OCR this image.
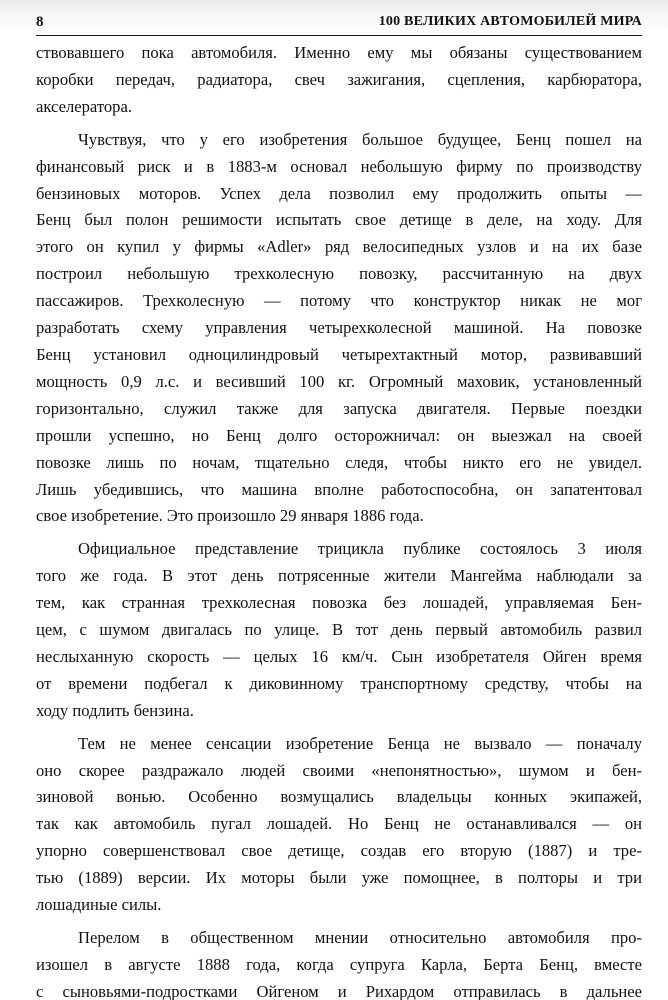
8	100 ВЕЛИКИХ АВТОМОБИЛЕЙ МИРА

ствовавшего пока автомобиля. Именно ему мы обязаны существованием
коробки передач, радиатора, свеч зажигания, сцепления, карбюратора,
акселератора.

Чувствуя, что у его изобретения большое будущее, Бенц пошел на
финансовый риск и в 1883-м основал небольшую фирму по производству
бензиновых моторов. Успех дела позволил ему продолжить опыты —
Бенц был полон решимости испытать свое детище в деле, на ходу. Для
этого он купил у фирмы «Adler» ряд велосипедных узлов и на их базе
построил небольшую трехколесную повозку, рассчитанную на двух
пассажиров. Трехколесную — потому что конструктор никак не мог
разработать схему управления четырехколесной машиной. На повозке
Бенц установил одноцилиндровый четырехтактный мотор, развивавший
мощность 0,9 л.с. и весивший 100 кг. Огромный маховик, установленный
горизонтально, служил также для запуска двигателя. Первые поездки
прошли успешно, но Бенц долго осторожничал: он выезжал на своей
повозке лишь по ночам, тщательно следя, чтобы никто его не увидел.
Лишь убедившись, что машина вполне работоспособна, он запатентовал
свое изобретение. Это произошло 29 января 1886 года.

Официальное представление трицикла публике состоялось 3 июля
того же года. В этот день потрясенные жители Мангейма наблюдали за
тем, как странная трехколесная повозка без лошадей, управляемая Бен-
цем, с шумом двигалась по улице. В тот день первый автомобиль развил
неслыханную скорость — целых 16 км/ч. Сын изобретателя Ойген время
от времени подбегал к диковинному транспортному средству, чтобы на
ходу подлить бензина.

Тем не менее сенсации изобретение Бенца не вызвало — поначалу
оно скорее раздражало людей своими «непонятностью», шумом и бен-
зиновой вонью. Особенно возмущались владельцы конных экипажей,
так как автомобиль пугал лошадей. Но Бенц не останавливался — он
упорно совершенствовал свое детище, создав его вторую (1887) и тре-
тью (1889) версии. Их моторы были уже помощнее, в полторы и три
лошадиные силы.

Перелом в общественном мнении относительно автомобиля про-
изошел в августе 1888 года, когда супруга Карла, Берта Бенц, вместе
с сыновьями-подростками Ойгеном и Рихардом отправилась в дальнее
